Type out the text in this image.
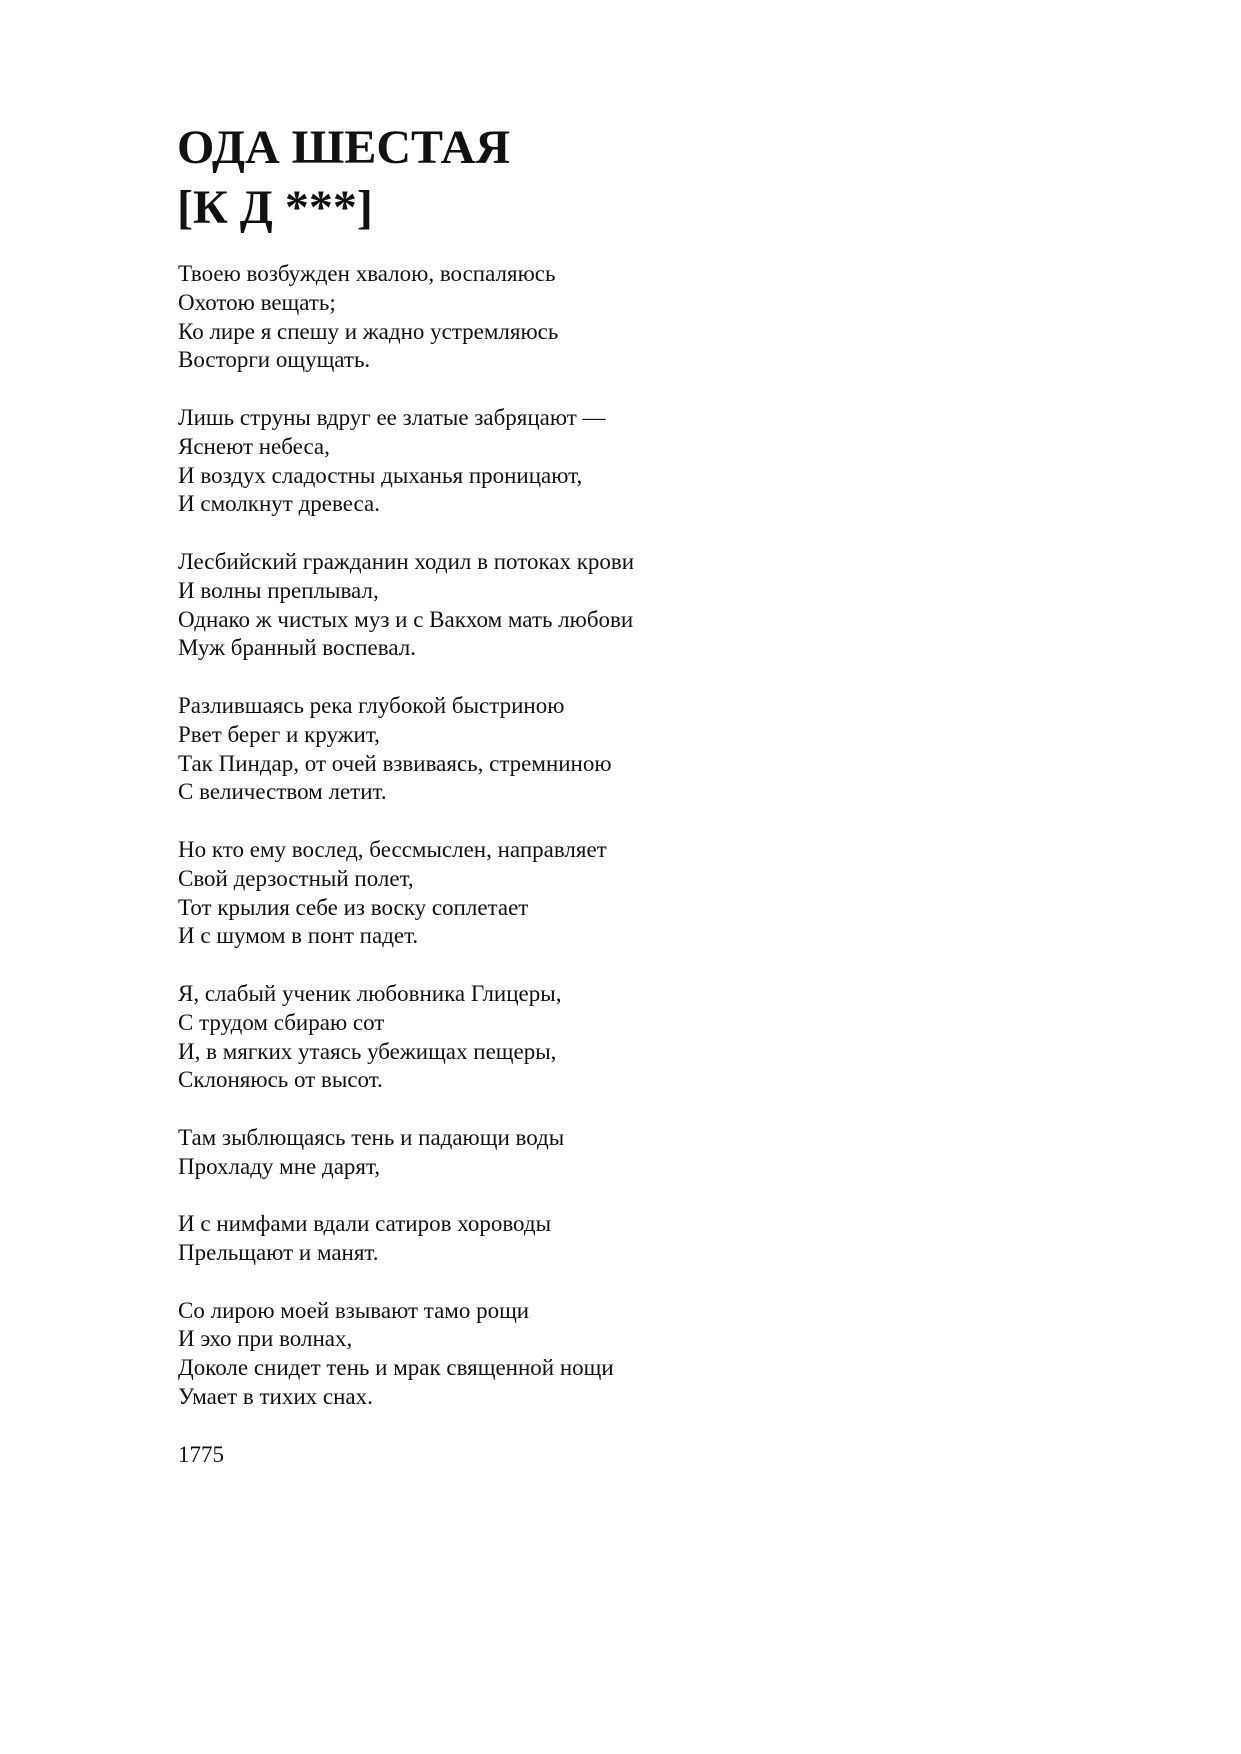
ОДА ШЕСТАЯ
[К Д ***]
Твоею возбужден хвалою, воспаляюсь
Охотою вещать;
Ко лире я спешу и жадно устремляюсь
Восторги ощущать.
Лишь струны вдруг ее златые забряцают —
Яснеют небеса,
И воздух сладостны дыханья проницают,
И смолкнут древеса.
Лесбийский гражданин ходил в потоках крови
И волны преплывал,
Однако ж чистых муз и с Вакхом мать любови
Муж бранный воспевал.
Разлившаясь река глубокой быстриною
Рвет берег и кружит,
Так Пиндар, от очей взвиваясь, стремниною
С величеством летит.
Но кто ему вослед, бессмыслен, направляет
Свой дерзостный полет,
Тот крылия себе из воску соплетает
И с шумом в понт падет.
Я, слабый ученик любовника Глицеры,
С трудом сбираю сот
И, в мягких утаясь убежищах пещеры,
Склоняюсь от высот.
Там зыблющаясь тень и падающи воды
Прохладу мне дарят,
И с нимфами вдали сатиров хороводы
Прельщают и манят.
Со лирою моей взывают тамо рощи
И эхо при волнах,
Доколе снидет тень и мрак священной нощи
Умает в тихих снах.

1775
